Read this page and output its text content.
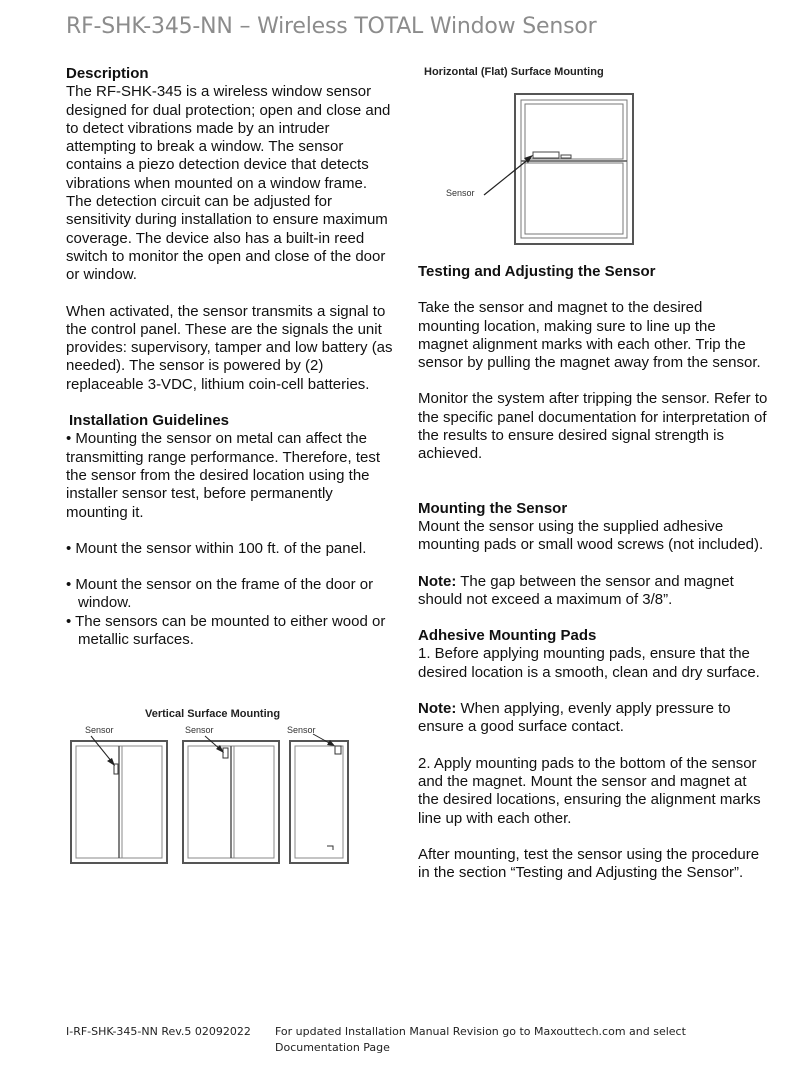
RF-SHK-345-NN – Wireless TOTAL Window Sensor

Description

The RF-SHK-345 is a wireless window sensor designed for dual protection; open and close and to detect vibrations made by an intruder attempting to break a window. The sensor contains a piezo detection device that detects vibrations when mounted on a window frame. The detection circuit can be adjusted for sensitivity during installation to ensure maximum coverage. The device also has a built-in reed switch to monitor the open and close of the door or window.

When activated, the sensor transmits a signal to the control panel. These are the signals the unit provides: supervisory, tamper and low battery (as needed). The sensor is powered by (2) replaceable 3-VDC, lithium coin-cell batteries.

Installation Guidelines

• Mounting the sensor on metal can affect the transmitting range performance. Therefore, test the sensor from the desired location using the installer sensor test, before permanently mounting it.

• Mount the sensor within 100 ft. of the panel.

• Mount the sensor on the frame of the door or window.

• The sensors can be mounted to either wood or metallic surfaces.

Horizontal (Flat) Surface Mounting
Sensor
Vertical Surface Mounting
Sensor	Sensor	Sensor

Testing and Adjusting the Sensor

Take the sensor and magnet to the desired mounting location, making sure to line up the magnet alignment marks with each other. Trip the sensor by pulling the magnet away from the sensor.

Monitor the system after tripping the sensor. Refer to the specific panel documentation for interpretation of the results to ensure desired signal strength is achieved.

Mounting the Sensor

Mount the sensor using the supplied adhesive mounting pads or small wood screws (not included).

Note: The gap between the sensor and magnet should not exceed a maximum of 3/8”.

Adhesive Mounting Pads

1. Before applying mounting pads, ensure that the desired location is a smooth, clean and dry surface.

Note: When applying, evenly apply pressure to ensure a good surface contact.

2. Apply mounting pads to the bottom of the sensor and the magnet. Mount the sensor and magnet at the desired locations, ensuring the alignment marks line up with each other.

After mounting, test the sensor using the procedure in the section “Testing and Adjusting the Sensor”.

I-RF-SHK-345-NN Rev.5 02092022 For updated Installation Manual Revision go to Maxouttech.com and select Documentation Page
